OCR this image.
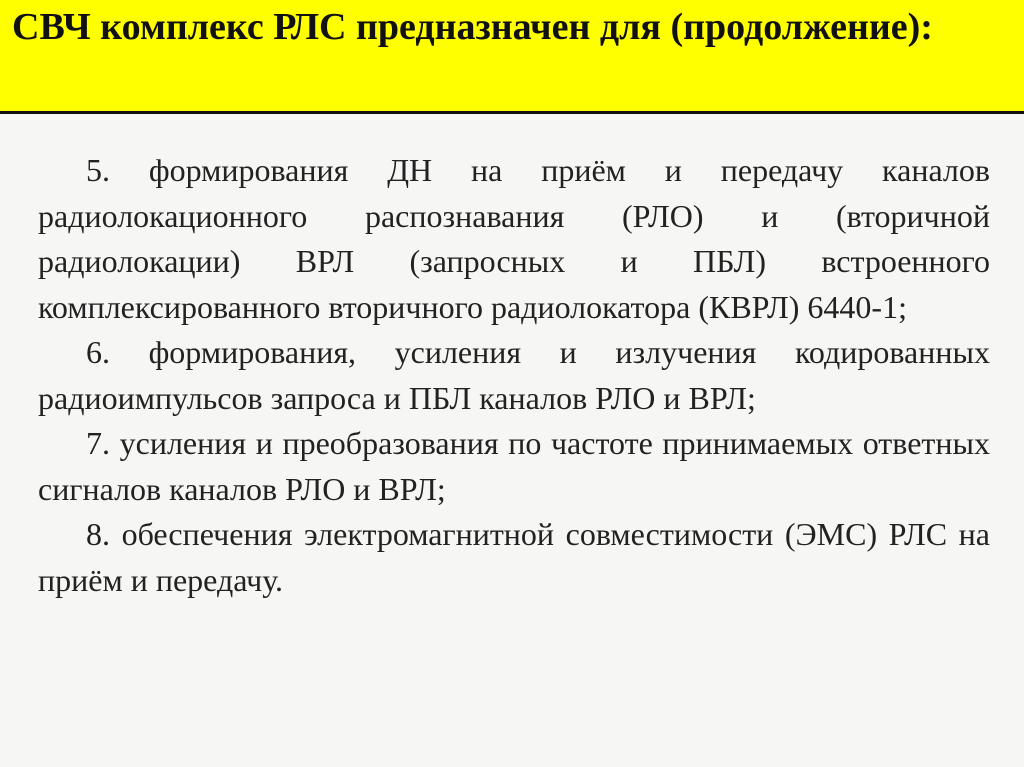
СВЧ комплекс РЛС предназначен для (продолжение):

5. формирования ДН на приём и передачу каналов радиолокационного распознавания (РЛО) и (вторичной радиолокации) ВРЛ (запросных и ПБЛ) встроенного комплексированного вторичного радиолокатора (КВРЛ) 6440-1;

6. формирования, усиления и излучения кодированных радиоимпульсов запроса и ПБЛ каналов РЛО и ВРЛ;

7. усиления и преобразования по частоте принимаемых ответных сигналов каналов РЛО и ВРЛ;

8. обеспечения электромагнитной совместимости (ЭМС) РЛС на приём и передачу.
